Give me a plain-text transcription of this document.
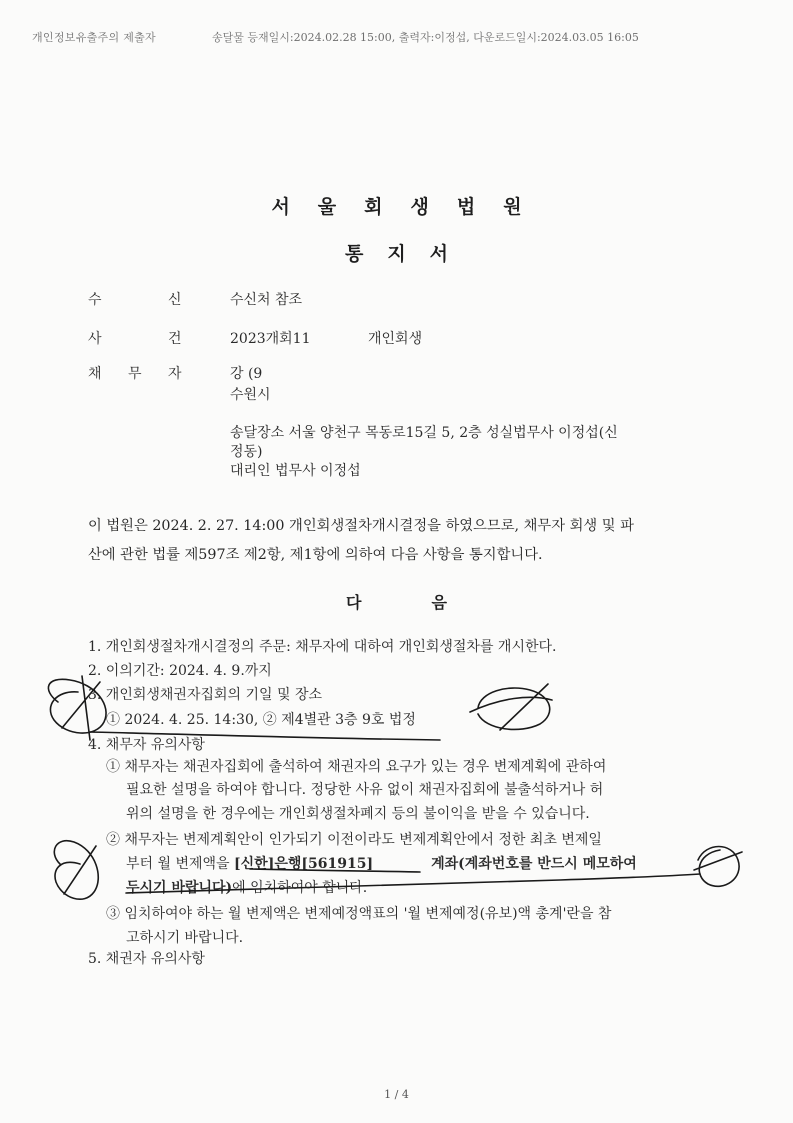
개인정보유출주의 제출자	송달물 등재일시:2024.02.28 15:00, 출력자:이정섭, 다운로드일시:2024.03.05 16:05
서울회생법원
통지서
수	신	수신처 참조
사	건	2023개회11	개인회생
채 무 자	강 (9
수원시
송달장소 서울 양천구 목동로15길 5, 2층 성실법무사 이정섭(신
정동)
대리인 법무사 이정섭
이 법원은 2024. 2. 27. 14:00 개인회생절차개시결정을 하였으므로, 채무자 회생 및 파
산에 관한 법률 제597조 제2항, 제1항에 의하여 다음 사항을 통지합니다.
다음
1. 개인회생절차개시결정의 주문: 채무자에 대하여 개인회생절차를 개시한다.
2. 이의기간: 2024. 4. 9.까지
3. 개인회생채권자집회의 기일 및 장소
① 2024. 4. 25. 14:30, ② 제4별관 3층 9호 법정
4. 채무자 유의사항
① 채무자는 채권자집회에 출석하여 채권자의 요구가 있는 경우 변제계획에 관하여
필요한 설명을 하여야 합니다. 정당한 사유 없이 채권자집회에 불출석하거나 허
위의 설명을 한 경우에는 개인회생절차폐지 등의 불이익을 받을 수 있습니다.
② 채무자는 변제계획안이 인가되기 이전이라도 변제계획안에서 정한 최초 변제일
부터 월 변제액을 [신한]은행[561915]	계좌(계좌번호를 반드시 메모하여
두시기 바랍니다)에 임치하여야 합니다.
③ 임치하여야 하는 월 변제액은 변제예정액표의 '월 변제예정(유보)액 총계'란을 참
고하시기 바랍니다.
5. 채권자 유의사항
1 / 4
